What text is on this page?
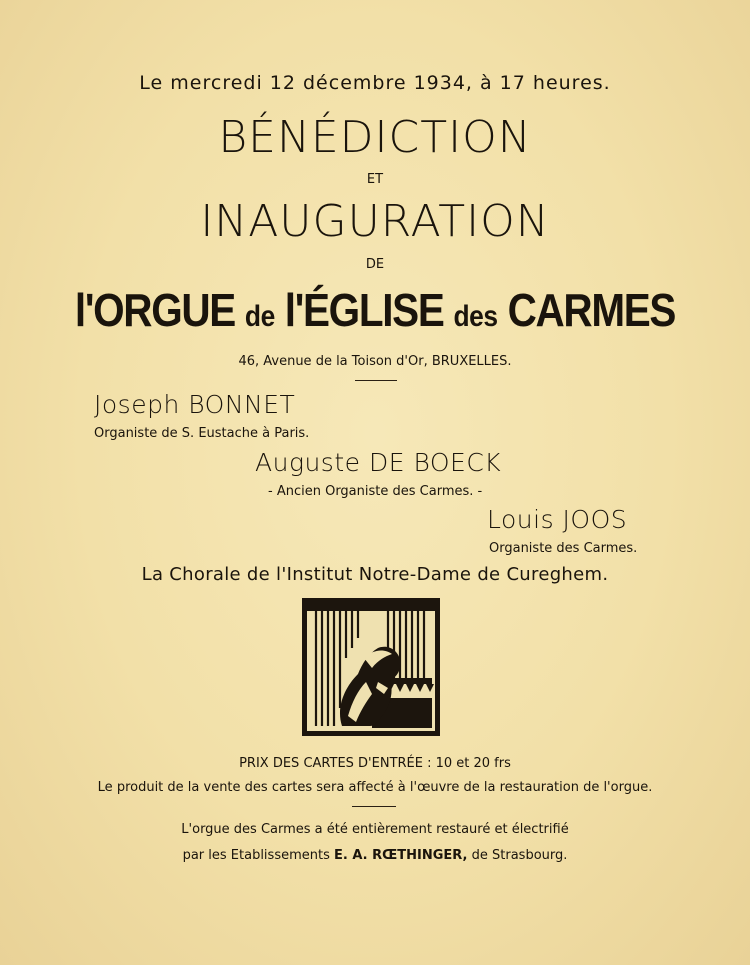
Le mercredi 12 décembre 1934, à 17 heures.
BÉNÉDICTION
ET
INAUGURATION
DE
l'ORGUE de l'ÉGLISE des CARMES
46, Avenue de la Toison d'Or, BRUXELLES.
Joseph BONNET
Organiste de S. Eustache à Paris.
Auguste DE BOECK
- Ancien Organiste des Carmes. -
Louis JOOS
Organiste des Carmes.
La Chorale de l'Institut Notre-Dame de Cureghem.
PRIX DES CARTES D'ENTRÉE : 10 et 20 frs
Le produit de la vente des cartes sera affecté à l'œuvre de la restauration de l'orgue.
L'orgue des Carmes a été entièrement restauré et électrifié
par les Etablissements E. A. RŒTHINGER, de Strasbourg.
